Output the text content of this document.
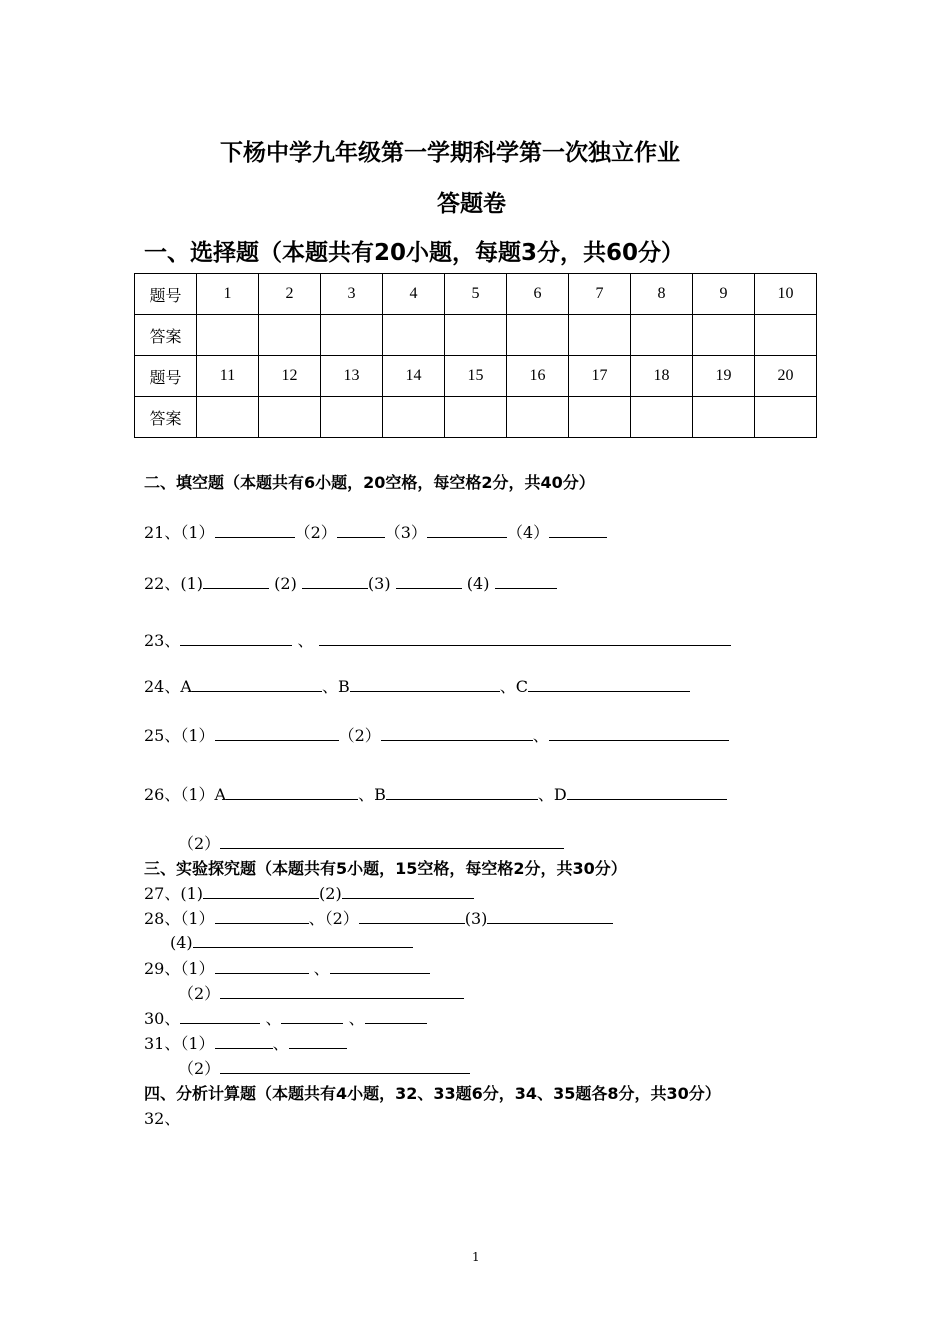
下杨中学九年级第一学期科学第一次独立作业
答题卷
一、选择题（本题共有20小题，每题3分，共60分）
题号	1	2	3	4	5	6	7	8	9	10
答案										
题号	11	12	13	14	15	16	17	18	19	20
答案										
二、填空题（本题共有6小题，20空格，每空格2分，共40分）
21、（1）	（2）	（3）	（4）
22、(1)	(2)	(3)	(4)
23、	、
24、A	、B	、C
25、（1）	（2）	、
26、（1）A	、B	、D
（2）
三、实验探究题（本题共有5小题，15空格，每空格2分，共30分）
27、(1)	(2)
28、（1）	、（2）	(3)
(4)
29、（1）	、
（2）
30、	、	、
31、（1）	、
（2）
四、分析计算题（本题共有4小题，32、33题6分，34、35题各8分，共30分）
32、
1
